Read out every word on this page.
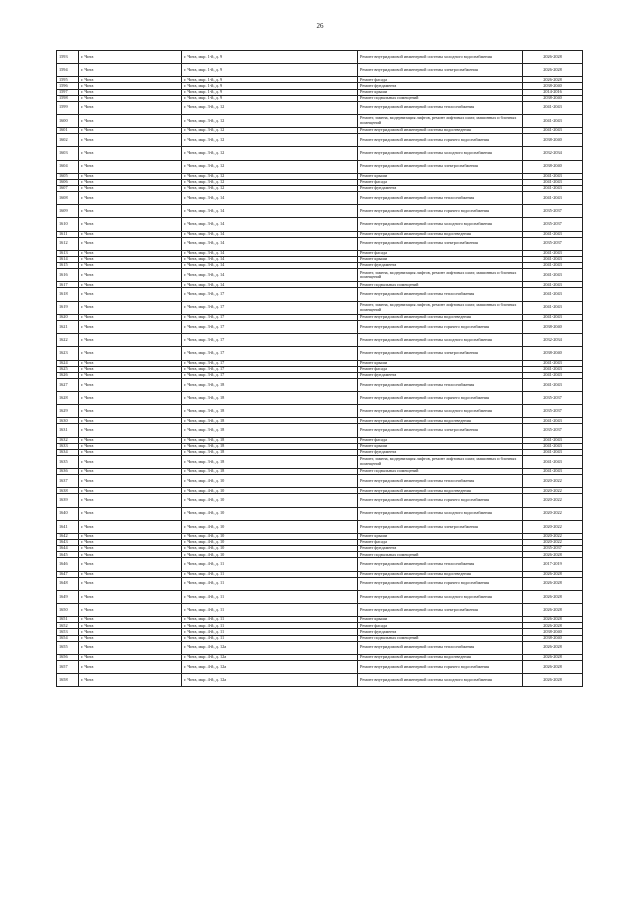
26
1593	г. Чита	г. Чита, мкр. 1-й, д. 9	Ремонт внутридомовой инженерной системы холодного водоснабжения	2026-2028
1594	г. Чита	г. Чита, мкр. 1-й, д. 9	Ремонт внутридомовой инженерной системы электроснабжения	2026-2028
1595	г. Чита	г. Чита, мкр. 1-й, д. 9	Ремонт фасада	2026-2028
1596	г. Чита	г. Чита, мкр. 1-й, д. 9	Ремонт фундамента	2038-2040
1597	г. Чита	г. Чита, мкр. 1-й, д. 9	Ремонт крыши	2014-2016
1598	г. Чита	г. Чита, мкр. 1-й, д. 9	Ремонт подвальных помещений	2038-2040
1599	г. Чита	г. Чита, мкр. 3-й, д. 12	Ремонт внутридомовой инженерной системы теплоснабжения	2041-2043
1600	г. Чита	г. Чита, мкр. 3-й, д. 12	Ремонт, замена, модернизация лифтов, ремонт лифтовых шахт, машинных и блочных помещений	2041-2043
1601	г. Чита	г. Чита, мкр. 3-й, д. 12	Ремонт внутридомовой инженерной системы водоотведения	2041-2043
1602	г. Чита	г. Чита, мкр. 3-й, д. 12	Ремонт внутридомовой инженерной системы горячего водоснабжения	2038-2040
1603	г. Чита	г. Чита, мкр. 3-й, д. 12	Ремонт внутридомовой инженерной системы холодного водоснабжения	2032-2034
1604	г. Чита	г. Чита, мкр. 3-й, д. 12	Ремонт внутридомовой инженерной системы электроснабжения	2038-2040
1605	г. Чита	г. Чита, мкр. 3-й, д. 12	Ремонт крыши	2041-2043
1606	г. Чита	г. Чита, мкр. 3-й, д. 12	Ремонт фасада	2041-2043
1607	г. Чита	г. Чита, мкр. 3-й, д. 12	Ремонт фундамента	2041-2043
1608	г. Чита	г. Чита, мкр. 3-й, д. 14	Ремонт внутридомовой инженерной системы теплоснабжения	2041-2043
1609	г. Чита	г. Чита, мкр. 3-й, д. 14	Ремонт внутридомовой инженерной системы горячего водоснабжения	2035-2037
1610	г. Чита	г. Чита, мкр. 3-й, д. 14	Ремонт внутридомовой инженерной системы холодного водоснабжения	2035-2037
1611	г. Чита	г. Чита, мкр. 3-й, д. 14	Ремонт внутридомовой инженерной системы водоотведения	2041-2043
1612	г. Чита	г. Чита, мкр. 3-й, д. 14	Ремонт внутридомовой инженерной системы электроснабжения	2035-2037
1613	г. Чита	г. Чита, мкр. 3-й, д. 14	Ремонт фасада	2041-2043
1614	г. Чита	г. Чита, мкр. 3-й, д. 14	Ремонт крыши	2041-2043
1615	г. Чита	г. Чита, мкр. 3-й, д. 14	Ремонт фундамента	2041-2043
1616	г. Чита	г. Чита, мкр. 3-й, д. 14	Ремонт, замена, модернизация лифтов, ремонт лифтовых шахт, машинных и блочных помещений	2041-2043
1617	г. Чита	г. Чита, мкр. 3-й, д. 14	Ремонт подвальных помещений	2041-2043
1618	г. Чита	г. Чита, мкр. 3-й, д. 17	Ремонт внутридомовой инженерной системы теплоснабжения	2041-2043
1619	г. Чита	г. Чита, мкр. 3-й, д. 17	Ремонт, замена, модернизация лифтов, ремонт лифтовых шахт, машинных и блочных помещений	2041-2043
1620	г. Чита	г. Чита, мкр. 3-й, д. 17	Ремонт внутридомовой инженерной системы водоотведения	2041-2043
1621	г. Чита	г. Чита, мкр. 3-й, д. 17	Ремонт внутридомовой инженерной системы горячего водоснабжения	2038-2040
1622	г. Чита	г. Чита, мкр. 3-й, д. 17	Ремонт внутридомовой инженерной системы холодного водоснабжения	2032-2034
1623	г. Чита	г. Чита, мкр. 3-й, д. 17	Ремонт внутридомовой инженерной системы электроснабжения	2038-2040
1624	г. Чита	г. Чита, мкр. 3-й, д. 17	Ремонт крыши	2041-2043
1625	г. Чита	г. Чита, мкр. 3-й, д. 17	Ремонт фасада	2041-2043
1626	г. Чита	г. Чита, мкр. 3-й, д. 17	Ремонт фундамента	2041-2043
1627	г. Чита	г. Чита, мкр. 3-й, д. 18	Ремонт внутридомовой инженерной системы теплоснабжения	2041-2043
1628	г. Чита	г. Чита, мкр. 3-й, д. 18	Ремонт внутридомовой инженерной системы горячего водоснабжения	2035-2037
1629	г. Чита	г. Чита, мкр. 3-й, д. 18	Ремонт внутридомовой инженерной системы холодного водоснабжения	2035-2037
1630	г. Чита	г. Чита, мкр. 3-й, д. 18	Ремонт внутридомовой инженерной системы водоотведения	2041-2043
1631	г. Чита	г. Чита, мкр. 3-й, д. 18	Ремонт внутридомовой инженерной системы электроснабжения	2035-2037
1632	г. Чита	г. Чита, мкр. 3-й, д. 18	Ремонт фасада	2041-2043
1633	г. Чита	г. Чита, мкр. 3-й, д. 18	Ремонт крыши	2041-2043
1634	г. Чита	г. Чита, мкр. 3-й, д. 18	Ремонт фундамента	2041-2043
1635	г. Чита	г. Чита, мкр. 3-й, д. 18	Ремонт, замена, модернизация лифтов, ремонт лифтовых шахт, машинных и блочных помещений	2041-2043
1636	г. Чита	г. Чита, мкр. 3-й, д. 18	Ремонт подвальных помещений	2041-2043
1637	г. Чита	г. Чита, мкр. 4-й, д. 10	Ремонт внутридомовой инженерной системы теплоснабжения	2020-2022
1638	г. Чита	г. Чита, мкр. 4-й, д. 10	Ремонт внутридомовой инженерной системы водоотведения	2020-2022
1639	г. Чита	г. Чита, мкр. 4-й, д. 10	Ремонт внутридомовой инженерной системы горячего водоснабжения	2020-2022
1640	г. Чита	г. Чита, мкр. 4-й, д. 10	Ремонт внутридомовой инженерной системы холодного водоснабжения	2020-2022
1641	г. Чита	г. Чита, мкр. 4-й, д. 10	Ремонт внутридомовой инженерной системы электроснабжения	2020-2022
1642	г. Чита	г. Чита, мкр. 4-й, д. 10	Ремонт крыши	2020-2022
1643	г. Чита	г. Чита, мкр. 4-й, д. 10	Ремонт фасада	2020-2022
1644	г. Чита	г. Чита, мкр. 4-й, д. 10	Ремонт фундамента	2035-2037
1645	г. Чита	г. Чита, мкр. 4-й, д. 10	Ремонт подвальных помещений	2026-2028
1646	г. Чита	г. Чита, мкр. 4-й, д. 11	Ремонт внутридомовой инженерной системы теплоснабжения	2017-2019
1647	г. Чита	г. Чита, мкр. 4-й, д. 11	Ремонт внутридомовой инженерной системы водоотведения	2026-2028
1648	г. Чита	г. Чита, мкр. 4-й, д. 11	Ремонт внутридомовой инженерной системы горячего водоснабжения	2026-2028
1649	г. Чита	г. Чита, мкр. 4-й, д. 11	Ремонт внутридомовой инженерной системы холодного водоснабжения	2026-2028
1650	г. Чита	г. Чита, мкр. 4-й, д. 11	Ремонт внутридомовой инженерной системы электроснабжения	2026-2028
1651	г. Чита	г. Чита, мкр. 4-й, д. 11	Ремонт крыши	2026-2028
1652	г. Чита	г. Чита, мкр. 4-й, д. 11	Ремонт фасада	2026-2028
1653	г. Чита	г. Чита, мкр. 4-й, д. 11	Ремонт фундамента	2038-2040
1654	г. Чита	г. Чита, мкр. 4-й, д. 11	Ремонт подвальных помещений	2038-2040
1655	г. Чита	г. Чита, мкр. 4-й, д. 12а	Ремонт внутридомовой инженерной системы теплоснабжения	2026-2028
1656	г. Чита	г. Чита, мкр. 4-й, д. 12а	Ремонт внутридомовой инженерной системы водоотведения	2026-2028
1657	г. Чита	г. Чита, мкр. 4-й, д. 12а	Ремонт внутридомовой инженерной системы горячего водоснабжения	2026-2028
1658	г. Чита	г. Чита, мкр. 4-й, д. 12а	Ремонт внутридомовой инженерной системы холодного водоснабжения	2026-2028
